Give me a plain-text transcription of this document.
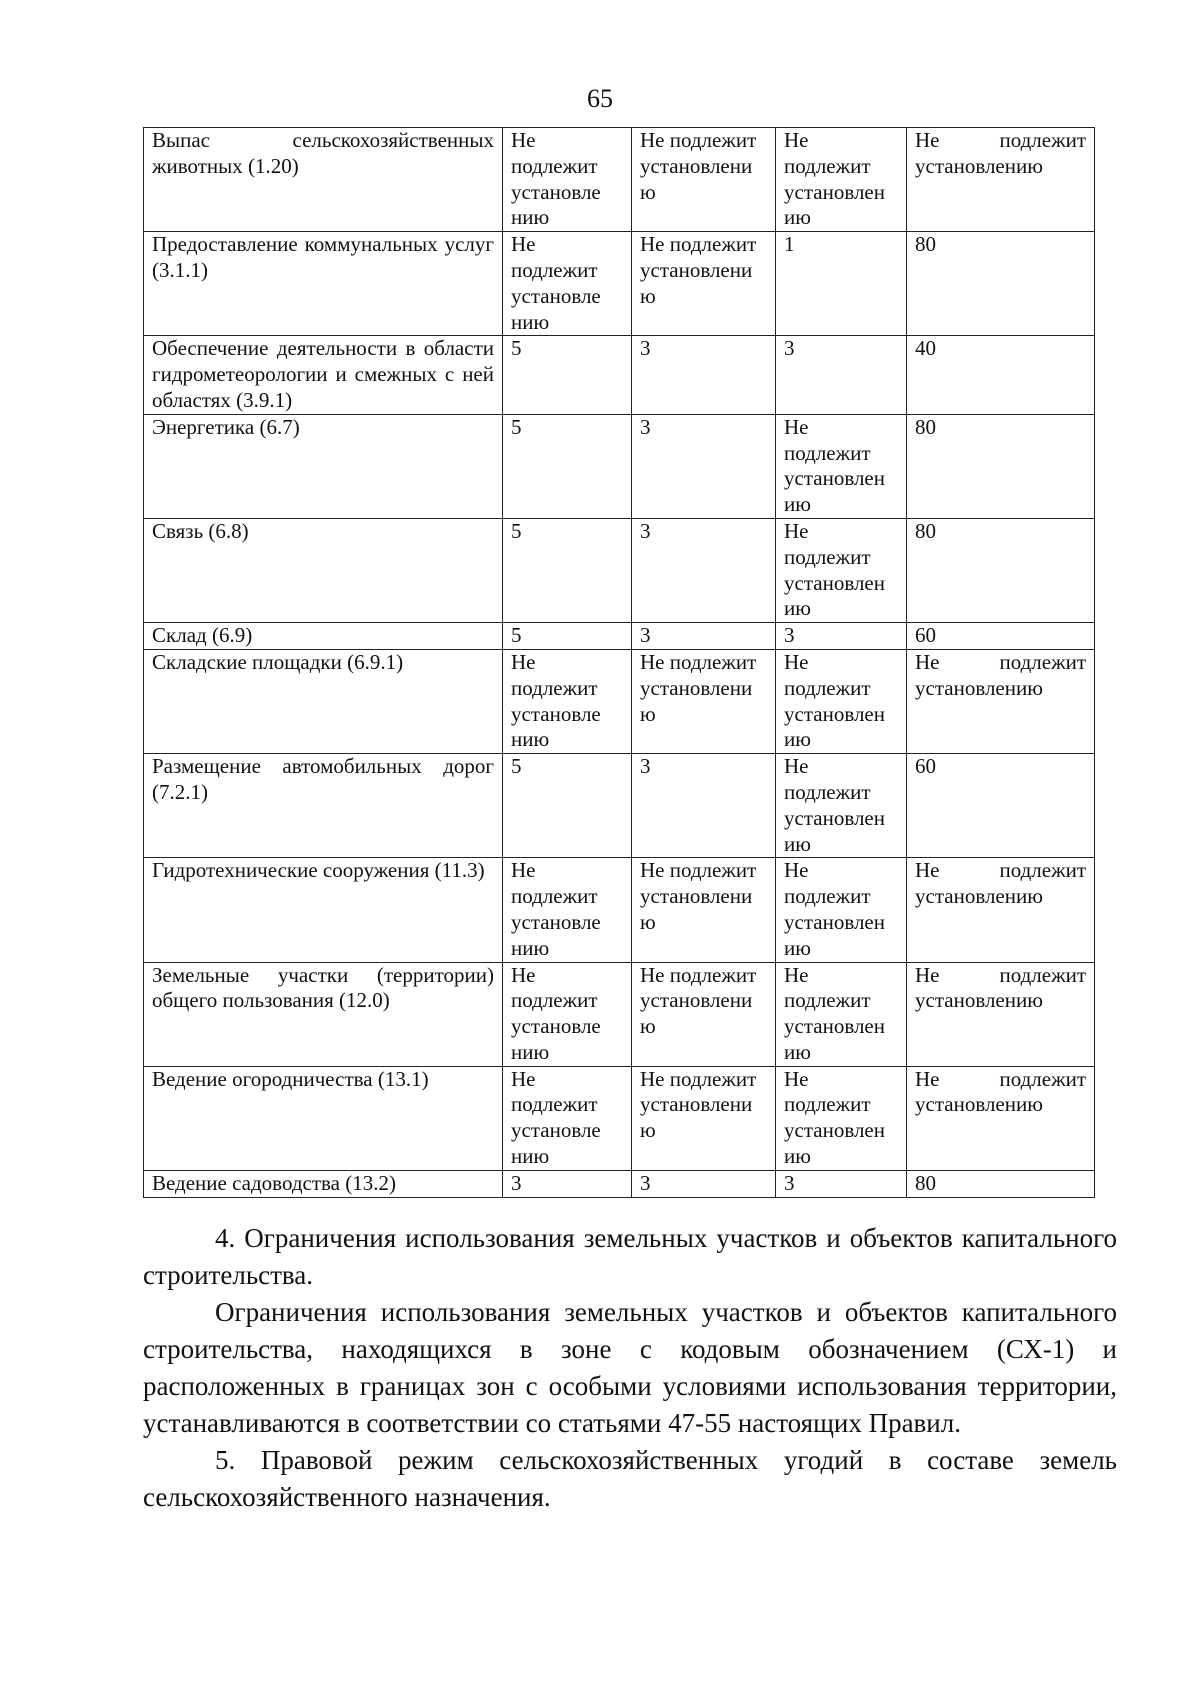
65
Выпас сельскохозяйственных животных (1.20)	Не подлежит установле нию	Не подлежит установлени ю	Не подлежит установлен ию	Не подлежит установлению
Предоставление коммунальных услуг (3.1.1)	Не подлежит установле нию	Не подлежит установлени ю	1	80
Обеспечение деятельности в области гидрометеорологии и смежных с ней областях (3.9.1)	5	3	3	40
Энергетика (6.7)	5	3	Не подлежит установлен ию	80
Связь (6.8)	5	3	Не подлежит установлен ию	80
Склад (6.9)	5	3	3	60
Складские площадки (6.9.1)	Не подлежит установле нию	Не подлежит установлени ю	Не подлежит установлен ию	Не подлежит установлению
Размещение автомобильных дорог (7.2.1)	5	3	Не подлежит установлен ию	60
Гидротехнические сооружения (11.3)	Не подлежит установле нию	Не подлежит установлени ю	Не подлежит установлен ию	Не подлежит установлению
Земельные участки (территории) общего пользования (12.0)	Не подлежит установле нию	Не подлежит установлени ю	Не подлежит установлен ию	Не подлежит установлению
Ведение огородничества (13.1)	Не подлежит установле нию	Не подлежит установлени ю	Не подлежит установлен ию	Не подлежит установлению
Ведение садоводства (13.2)	3	3	3	80

4. Ограничения использования земельных участков и объектов капитального строительства.

Ограничения использования земельных участков и объектов капитального строительства, находящихся в зоне с кодовым обозначением (СХ-1) и расположенных в границах зон с особыми условиями использования территории, устанавливаются в соответствии со статьями 47-55 настоящих Правил.

5. Правовой режим сельскохозяйственных угодий в составе земель сельскохозяйственного назначения.
